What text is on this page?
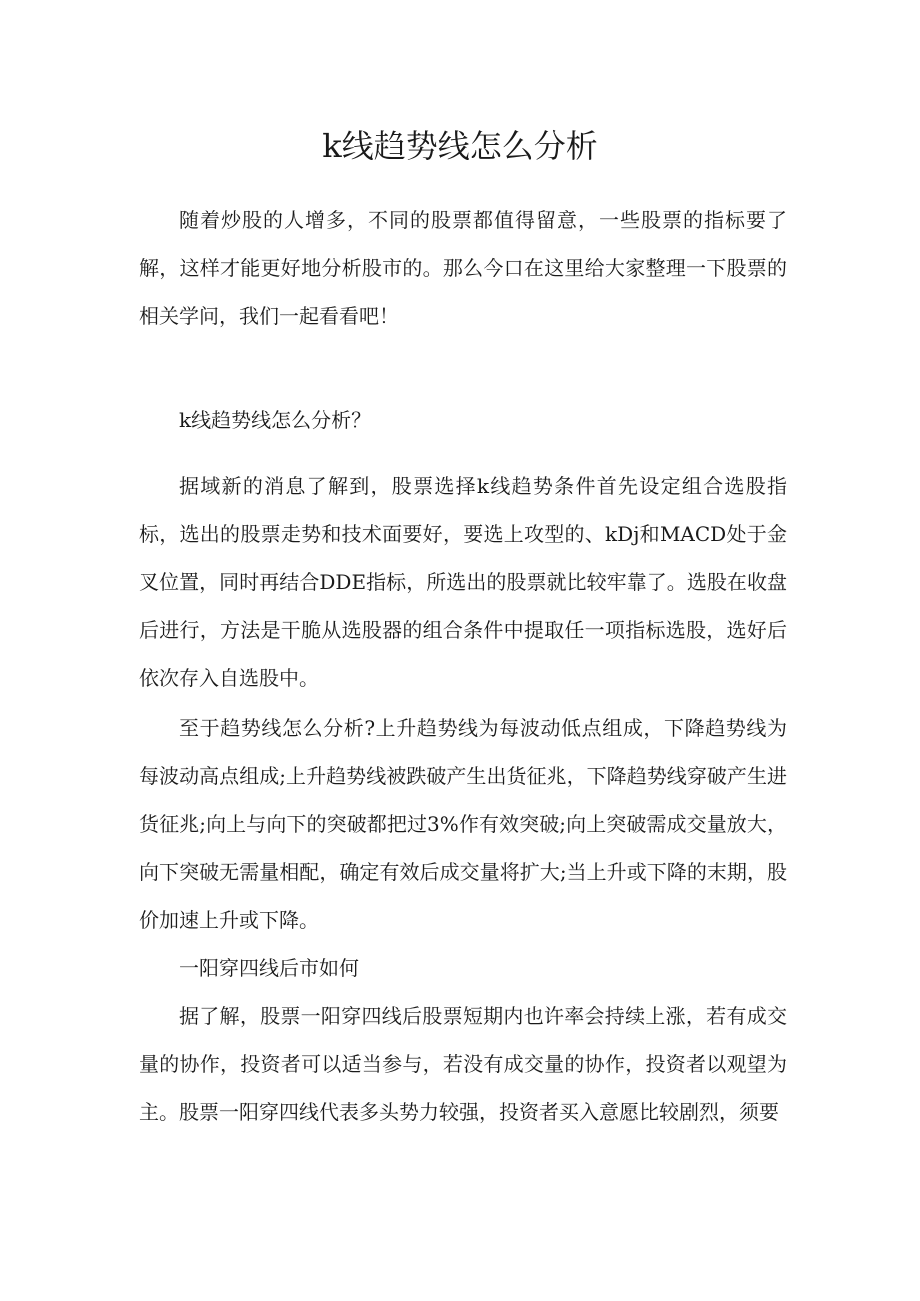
k线趋势线怎么分析

随着炒股的人增多，不同的股票都值得留意，一些股票的指标要了解，这样才能更好地分析股市的。那么今口在这里给大家整理一下股票的相关学问，我们一起看看吧！

k线趋势线怎么分析？

据域新的消息了解到，股票选择k线趋势条件首先设定组合选股指标，选出的股票走势和技术面要好，要选上攻型的、kDj和MACD处于金叉位置，同时再结合DDE指标，所选出的股票就比较牢靠了。选股在收盘后进行，方法是干脆从选股器的组合条件中提取任一项指标选股，选好后依次存入自选股中。

至于趋势线怎么分析?上升趋势线为每波动低点组成，下降趋势线为每波动高点组成;上升趋势线被跌破产生出货征兆，下降趋势线穿破产生进货征兆;向上与向下的突破都把过3%作有效突破;向上突破需成交量放大，向下突破无需量相配，确定有效后成交量将扩大;当上升或下降的末期，股价加速上升或下降。

一阳穿四线后市如何

据了解，股票一阳穿四线后股票短期内也许率会持续上涨，若有成交量的协作，投资者可以适当参与，若没有成交量的协作，投资者以观望为主。股票一阳穿四线代表多头势力较强，投资者买入意愿比较剧烈，须要
